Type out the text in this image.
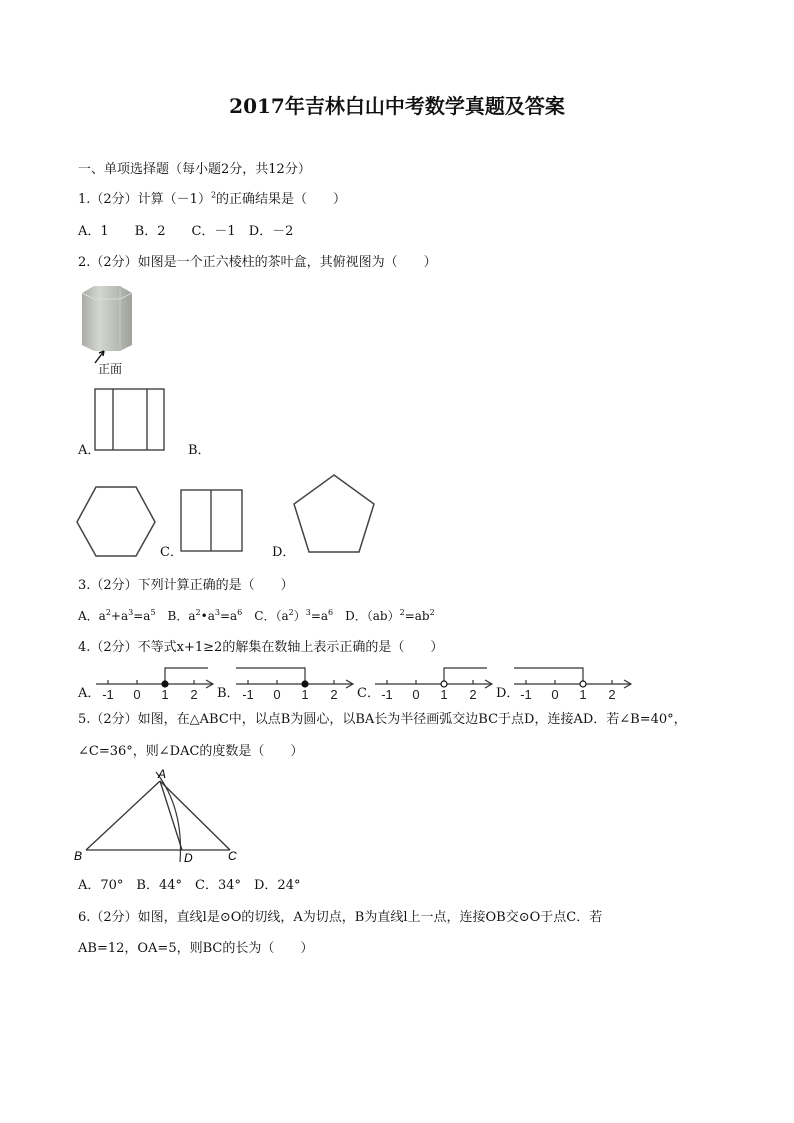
2017年吉林白山中考数学真题及答案
一、单项选择题（每小题2分，共12分）
1.（2分）计算$(-1)^2$的正确结果是（　　）
A．1　　B．2　　C．－1　D．－2
2.（2分）如图是一个正六棱柱的茶叶盒，其俯视图为（　　）
正面
A．	B．
C．	D．
3.（2分）下列计算正确的是（　　）
A．$a^2+a^3=a^5$　B．$a^2•a^3=a^6$　C．$(a^2)^3=a^6$　D．$(ab)^2=ab^2$
4.（2分）不等式x+1≥2的解集在数轴上表示正确的是（　　）
A．	B．	C．	D．
-1 0 1 2	-1 0 1 2	-1 0 1 2	-1 0 1 2
5.（2分）如图，在△ABC中，以点B为圆心，以BA长为半径画弧交边BC于点D，连接AD．若∠B=40°，
∠C=36°，则∠DAC的度数是（　　）
A
B	D	C
A．70°　B．44°　C．34°　D．24°
6.（2分）如图，直线l是⊙O的切线，A为切点，B为直线l上一点，连接OB交⊙O于点C．若
AB=12，OA=5，则BC的长为（　　）
